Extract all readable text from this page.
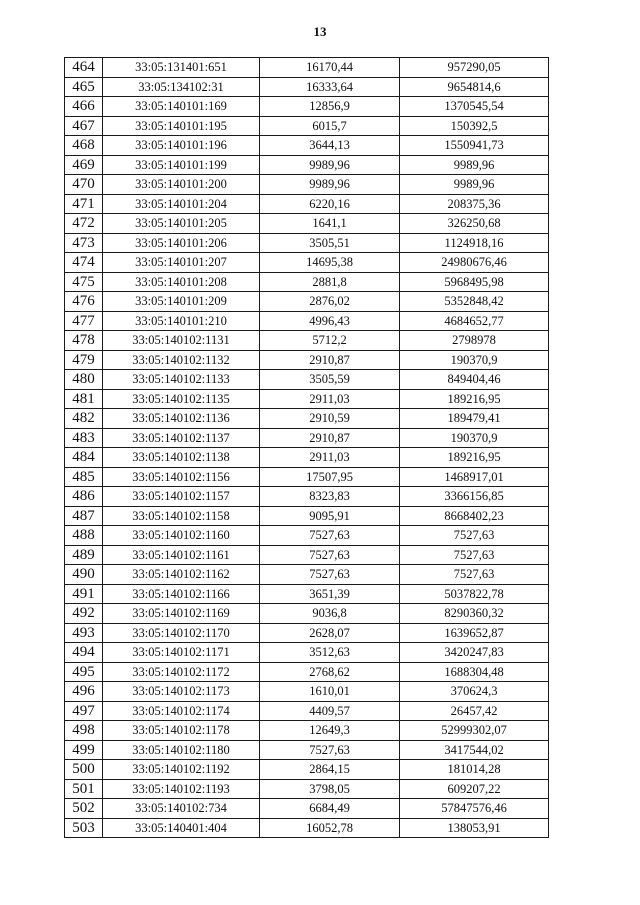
13
464	33:05:131401:651	16170,44	957290,05
465	33:05:134102:31	16333,64	9654814,6
466	33:05:140101:169	12856,9	1370545,54
467	33:05:140101:195	6015,7	150392,5
468	33:05:140101:196	3644,13	1550941,73
469	33:05:140101:199	9989,96	9989,96
470	33:05:140101:200	9989,96	9989,96
471	33:05:140101:204	6220,16	208375,36
472	33:05:140101:205	1641,1	326250,68
473	33:05:140101:206	3505,51	1124918,16
474	33:05:140101:207	14695,38	24980676,46
475	33:05:140101:208	2881,8	5968495,98
476	33:05:140101:209	2876,02	5352848,42
477	33:05:140101:210	4996,43	4684652,77
478	33:05:140102:1131	5712,2	2798978
479	33:05:140102:1132	2910,87	190370,9
480	33:05:140102:1133	3505,59	849404,46
481	33:05:140102:1135	2911,03	189216,95
482	33:05:140102:1136	2910,59	189479,41
483	33:05:140102:1137	2910,87	190370,9
484	33:05:140102:1138	2911,03	189216,95
485	33:05:140102:1156	17507,95	1468917,01
486	33:05:140102:1157	8323,83	3366156,85
487	33:05:140102:1158	9095,91	8668402,23
488	33:05:140102:1160	7527,63	7527,63
489	33:05:140102:1161	7527,63	7527,63
490	33:05:140102:1162	7527,63	7527,63
491	33:05:140102:1166	3651,39	5037822,78
492	33:05:140102:1169	9036,8	8290360,32
493	33:05:140102:1170	2628,07	1639652,87
494	33:05:140102:1171	3512,63	3420247,83
495	33:05:140102:1172	2768,62	1688304,48
496	33:05:140102:1173	1610,01	370624,3
497	33:05:140102:1174	4409,57	26457,42
498	33:05:140102:1178	12649,3	52999302,07
499	33:05:140102:1180	7527,63	3417544,02
500	33:05:140102:1192	2864,15	181014,28
501	33:05:140102:1193	3798,05	609207,22
502	33:05:140102:734	6684,49	57847576,46
503	33:05:140401:404	16052,78	138053,91
